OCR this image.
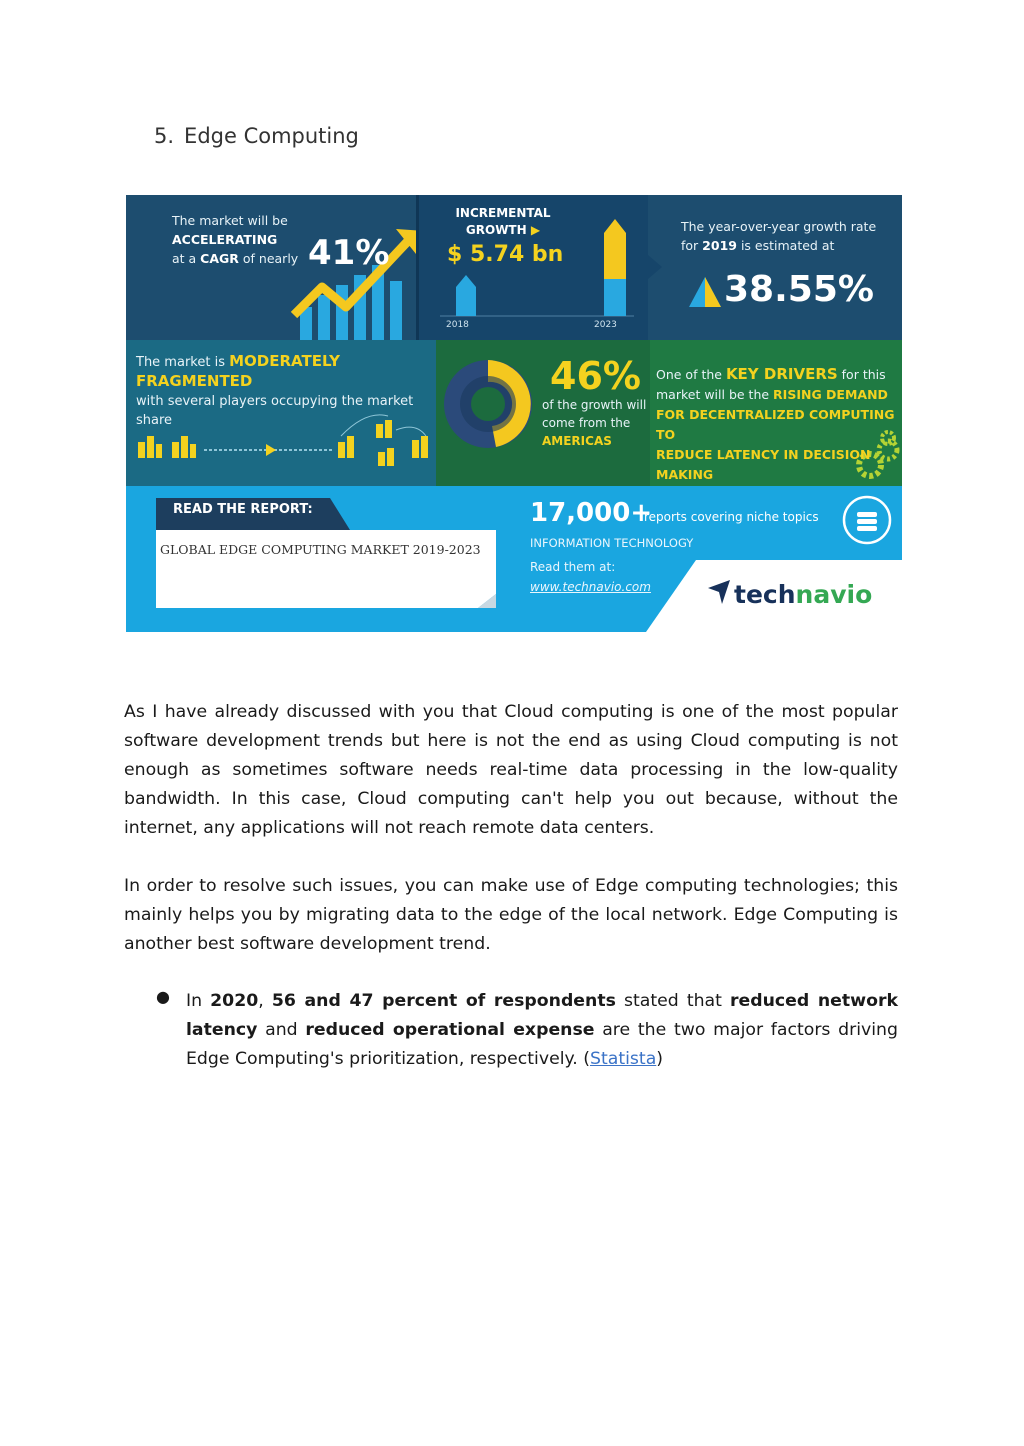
5. Edge Computing
The market will be ACCELERATING
at a CAGR of nearly 41%
INCREMENTAL
GROWTH ▶
$ 5.74 bn
2018	2023
The year-over-year growth rate
for 2019 is estimated at
38.55%
The market is MODERATELY FRAGMENTED
with several players occupying the market
share
46%
of the growth will
come from the
AMERICAS
One of the KEY DRIVERS for this
market will be the RISING DEMAND
FOR DECENTRALIZED COMPUTING TO
REDUCE LATENCY IN DECISION
MAKING
READ THE REPORT:
GLOBAL EDGE COMPUTING MARKET 2019-2023
17,000+
reports covering niche topics
INFORMATION TECHNOLOGY
Read them at:
www.technavio.com	technavio
As I have already discussed with you that Cloud computing is one of the most popular software development trends but here is not the end as using Cloud computing is not enough as sometimes software needs real-time data processing in the low-quality bandwidth. In this case, Cloud computing can't help you out because, without the internet, any applications will not reach remote data centers.
In order to resolve such issues, you can make use of Edge computing technologies; this mainly helps you by migrating data to the edge of the local network. Edge Computing is another best software development trend.
● In 2020, 56 and 47 percent of respondents stated that reduced network latency and reduced operational expense are the two major factors driving Edge Computing's prioritization, respectively. (Statista)
